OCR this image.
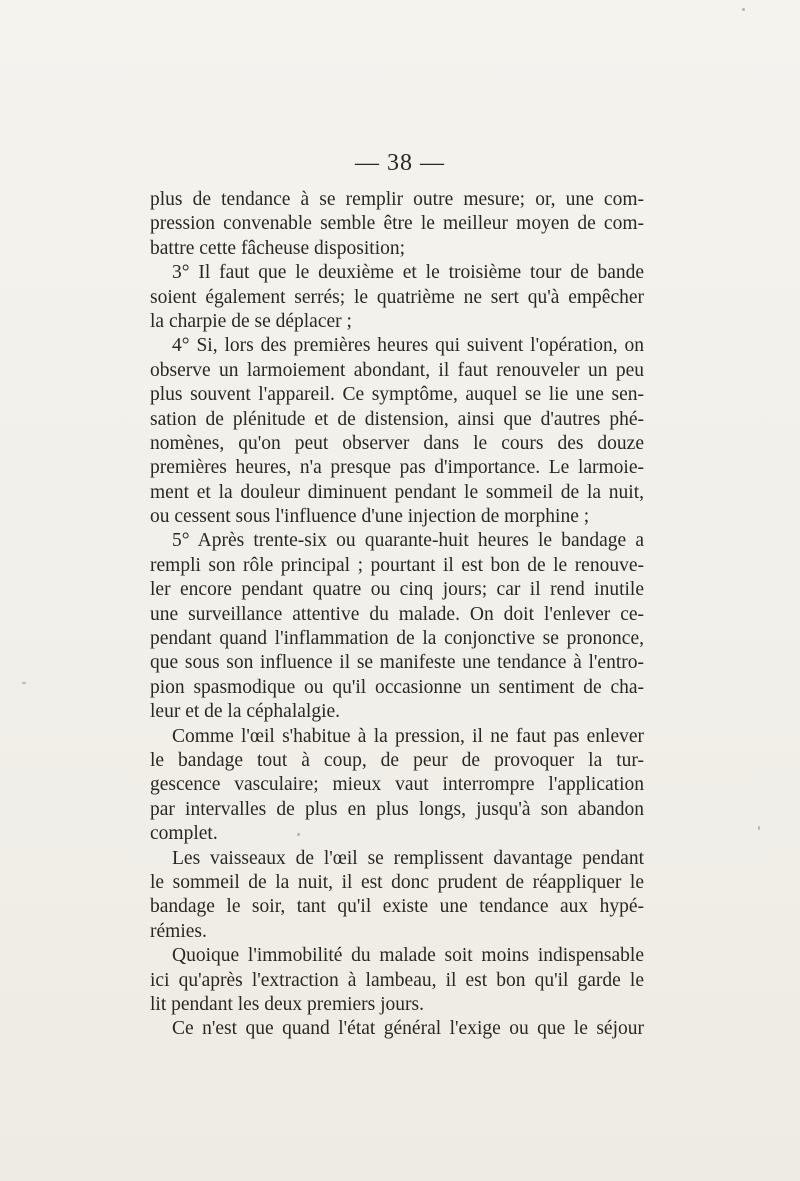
— 38 —
plus de tendance à se remplir outre mesure; or, une com-
pression convenable semble être le meilleur moyen de com-
battre cette fâcheuse disposition;
3° Il faut que le deuxième et le troisième tour de bande
soient également serrés; le quatrième ne sert qu'à empêcher
la charpie de se déplacer ;
4° Si, lors des premières heures qui suivent l'opération, on
observe un larmoiement abondant, il faut renouveler un peu
plus souvent l'appareil. Ce symptôme, auquel se lie une sen-
sation de plénitude et de distension, ainsi que d'autres phé-
nomènes, qu'on peut observer dans le cours des douze
premières heures, n'a presque pas d'importance. Le larmoie-
ment et la douleur diminuent pendant le sommeil de la nuit,
ou cessent sous l'influence d'une injection de morphine ;
5° Après trente-six ou quarante-huit heures le bandage a
rempli son rôle principal ; pourtant il est bon de le renouve-
ler encore pendant quatre ou cinq jours; car il rend inutile
une surveillance attentive du malade. On doit l'enlever ce-
pendant quand l'inflammation de la conjonctive se prononce,
que sous son influence il se manifeste une tendance à l'entro-
pion spasmodique ou qu'il occasionne un sentiment de cha-
leur et de la céphalalgie.
Comme l'œil s'habitue à la pression, il ne faut pas enlever
le bandage tout à coup, de peur de provoquer la tur-
gescence vasculaire; mieux vaut interrompre l'application
par intervalles de plus en plus longs, jusqu'à son abandon
complet.
Les vaisseaux de l'œil se remplissent davantage pendant
le sommeil de la nuit, il est donc prudent de réappliquer le
bandage le soir, tant qu'il existe une tendance aux hypé-
rémies.
Quoique l'immobilité du malade soit moins indispensable
ici qu'après l'extraction à lambeau, il est bon qu'il garde le
lit pendant les deux premiers jours.
Ce n'est que quand l'état général l'exige ou que le séjour
